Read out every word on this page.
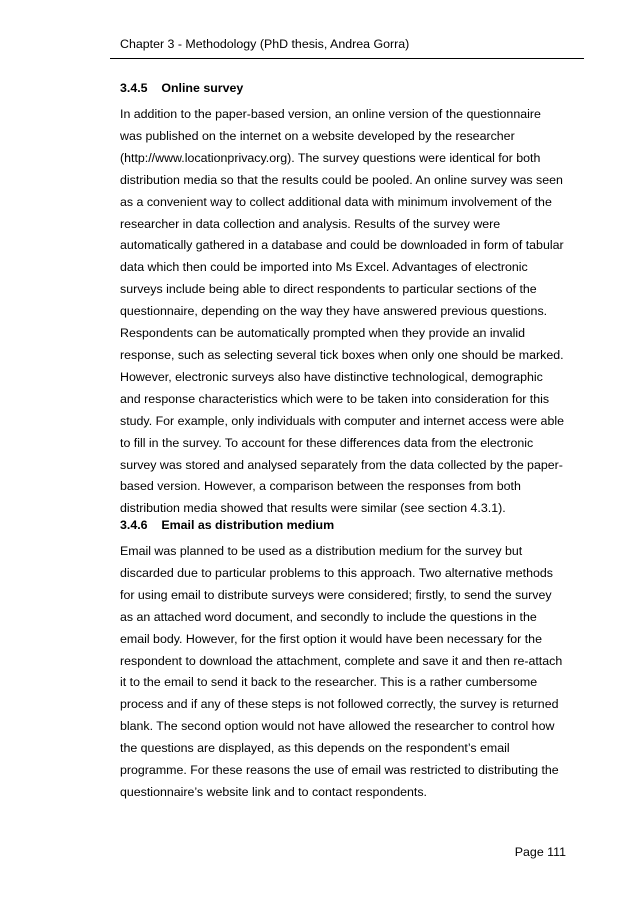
Chapter 3 - Methodology (PhD thesis, Andrea Gorra)
3.4.5    Online survey

In addition to the paper-based version, an online version of the questionnaire was published on the internet on a website developed by the researcher (http://www.locationprivacy.org). The survey questions were identical for both distribution media so that the results could be pooled. An online survey was seen as a convenient way to collect additional data with minimum involvement of the researcher in data collection and analysis. Results of the survey were automatically gathered in a database and could be downloaded in form of tabular data which then could be imported into Ms Excel. Advantages of electronic surveys include being able to direct respondents to particular sections of the questionnaire, depending on the way they have answered previous questions. Respondents can be automatically prompted when they provide an invalid response, such as selecting several tick boxes when only one should be marked. However, electronic surveys also have distinctive technological, demographic and response characteristics which were to be taken into consideration for this study. For example, only individuals with computer and internet access were able to fill in the survey. To account for these differences data from the electronic survey was stored and analysed separately from the data collected by the paper-based version. However, a comparison between the responses from both distribution media showed that results were similar (see section 4.3.1).

3.4.6    Email as distribution medium

Email was planned to be used as a distribution medium for the survey but discarded due to particular problems to this approach. Two alternative methods for using email to distribute surveys were considered; firstly, to send the survey as an attached word document, and secondly to include the questions in the email body. However, for the first option it would have been necessary for the respondent to download the attachment, complete and save it and then re-attach it to the email to send it back to the researcher. This is a rather cumbersome process and if any of these steps is not followed correctly, the survey is returned blank. The second option would not have allowed the researcher to control how the questions are displayed, as this depends on the respondent’s email programme. For these reasons the use of email was restricted to distributing the questionnaire’s website link and to contact respondents.

Page 111
